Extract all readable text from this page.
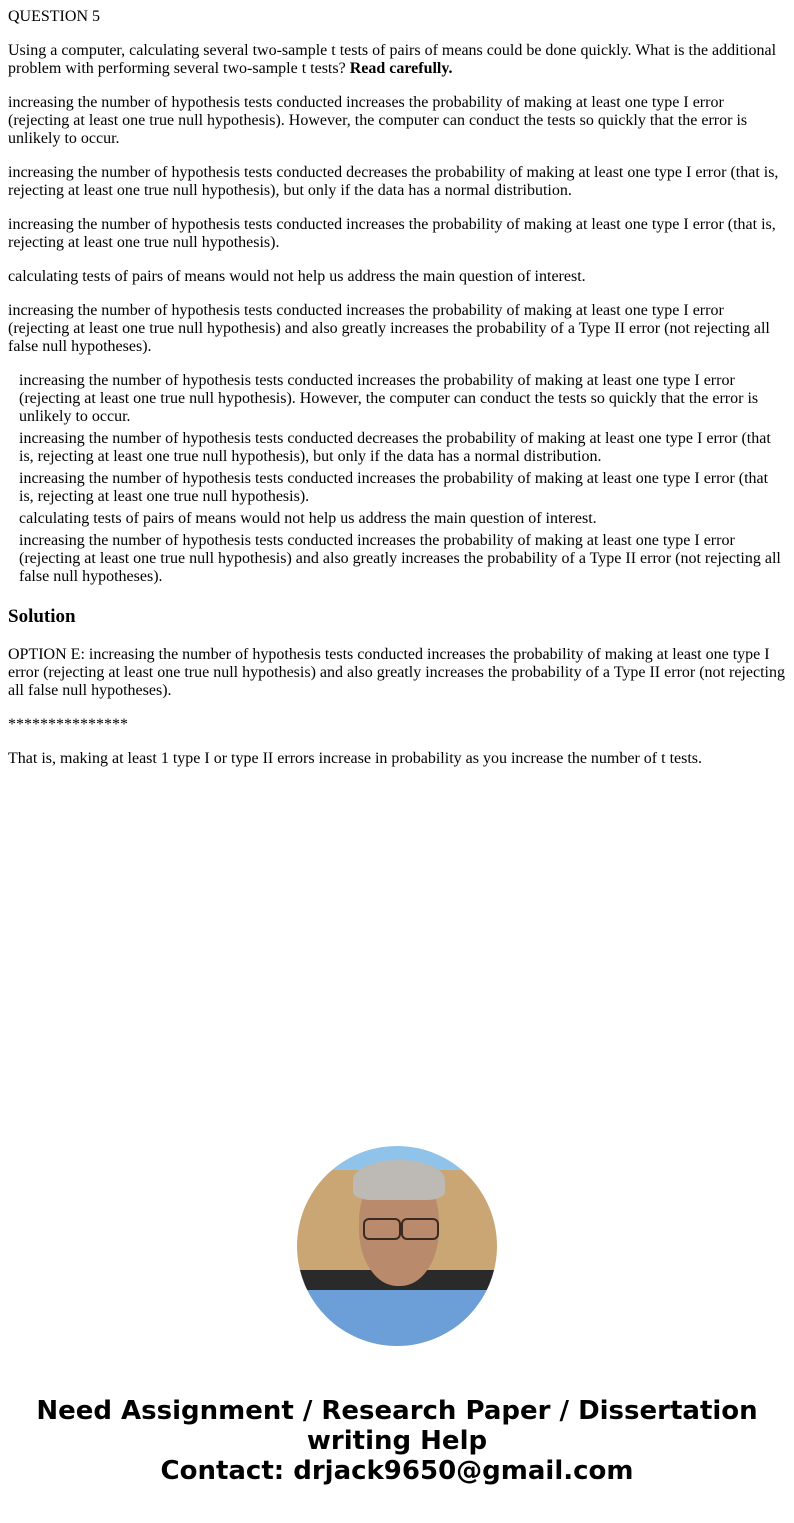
QUESTION 5

Using a computer, calculating several two-sample t tests of pairs of means could be done quickly. What is the additional problem with performing several two-sample t tests? Read carefully.

increasing the number of hypothesis tests conducted increases the probability of making at least one type I error (rejecting at least one true null hypothesis). However, the computer can conduct the tests so quickly that the error is unlikely to occur.

increasing the number of hypothesis tests conducted decreases the probability of making at least one type I error (that is, rejecting at least one true null hypothesis), but only if the data has a normal distribution.

increasing the number of hypothesis tests conducted increases the probability of making at least one type I error (that is, rejecting at least one true null hypothesis).

calculating tests of pairs of means would not help us address the main question of interest.

increasing the number of hypothesis tests conducted increases the probability of making at least one type I error (rejecting at least one true null hypothesis) and also greatly increases the probability of a Type II error (not rejecting all false null hypotheses).

increasing the number of hypothesis tests conducted increases the probability of making at least one type I error (rejecting at least one true null hypothesis). However, the computer can conduct the tests so quickly that the error is unlikely to occur.
increasing the number of hypothesis tests conducted decreases the probability of making at least one type I error (that is, rejecting at least one true null hypothesis), but only if the data has a normal distribution.
increasing the number of hypothesis tests conducted increases the probability of making at least one type I error (that is, rejecting at least one true null hypothesis).
calculating tests of pairs of means would not help us address the main question of interest.
increasing the number of hypothesis tests conducted increases the probability of making at least one type I error (rejecting at least one true null hypothesis) and also greatly increases the probability of a Type II error (not rejecting all false null hypotheses).
Solution

OPTION E: increasing the number of hypothesis tests conducted increases the probability of making at least one type I error (rejecting at least one true null hypothesis) and also greatly increases the probability of a Type II error (not rejecting all false null hypotheses).

***************

That is, making at least 1 type I or type II errors increase in probability as you increase the number of t tests.

Need Assignment / Research Paper / Dissertation writing Help
Contact: drjack9650@gmail.com
